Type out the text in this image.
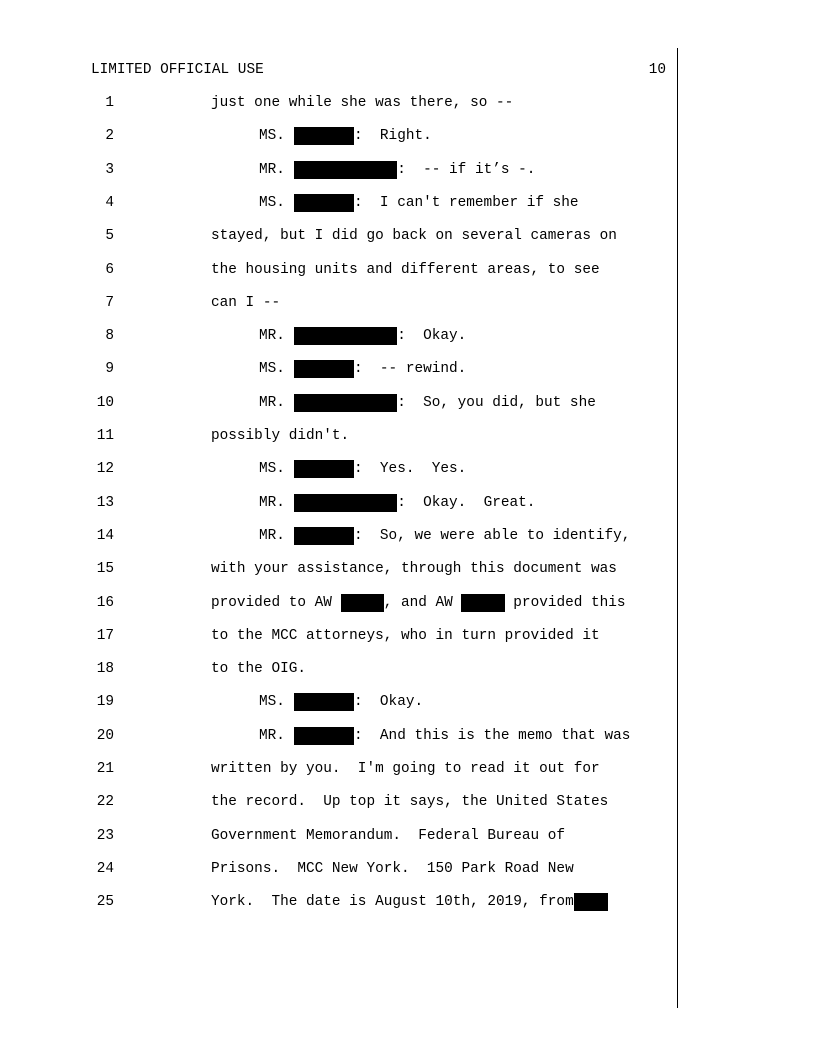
LIMITED OFFICIAL USE	10
1	just one while she was there, so --
2	MS.	:  Right.
3	MR.	:  -- if it’s -.
4	MS.	:  I can't remember if she
5	stayed, but I did go back on several cameras on
6	the housing units and different areas, to see
7	can I --
8	MR.	:  Okay.
9	MS.	:  -- rewind.
10	MR.	:  So, you did, but she
11	possibly didn't.
12	MS.	:  Yes.  Yes.
13	MR.	:  Okay.  Great.
14	MR.	:  So, we were able to identify,
15	with your assistance, through this document was
16	provided to AW	, and AW	provided this
17	to the MCC attorneys, who in turn provided it
18	to the OIG.
19	MS.	:  Okay.
20	MR.	:  And this is the memo that was
21	written by you.  I'm going to read it out for
22	the record.  Up top it says, the United States
23	Government Memorandum.  Federal Bureau of
24	Prisons.  MCC New York.  150 Park Road New
25	York.  The date is August 10th, 2019, from
